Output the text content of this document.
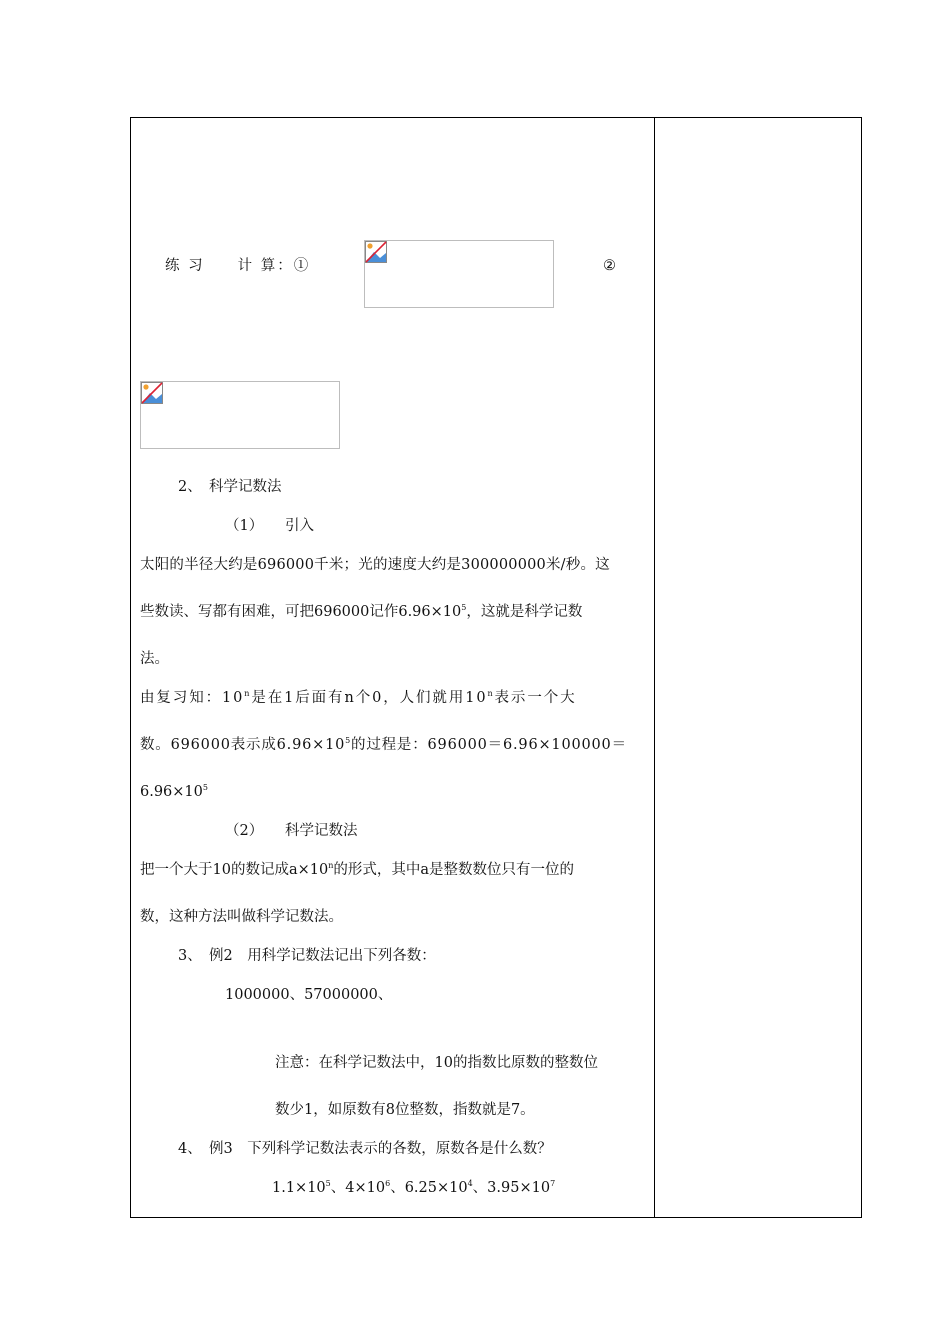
练 习　　计 算：①	②
2、　科学记数法
（1）　　引入
太阳的半径大约是696000千米；光的速度大约是300000000米/秒。这
些数读、写都有困难，可把696000记作$6.96\times 10^5$，这就是科学记数
法。
由复习知：10$^n$是在1后面有n个0，人们就用10$^n$表示一个大
数。696000表示成$6.96\times 10^5$的过程是：696000＝6.96×100000＝
$6.96\times 10^5$
（2）　　科学记数法
把一个大于10的数记成$a\times 10^n$的形式，其中a是整数数位只有一位的
数，这种方法叫做科学记数法。
3、　例2　用科学记数法记出下列各数：
1000000、57000000、
注意：在科学记数法中，10的指数比原数的整数位
数少1，如原数有8位整数，指数就是7。
4、　例3　下列科学记数法表示的各数，原数各是什么数？
$1.1\times 10^5$、$4\times 10^6$、$6.25\times 10^4$、$3.95\times 10^7$
